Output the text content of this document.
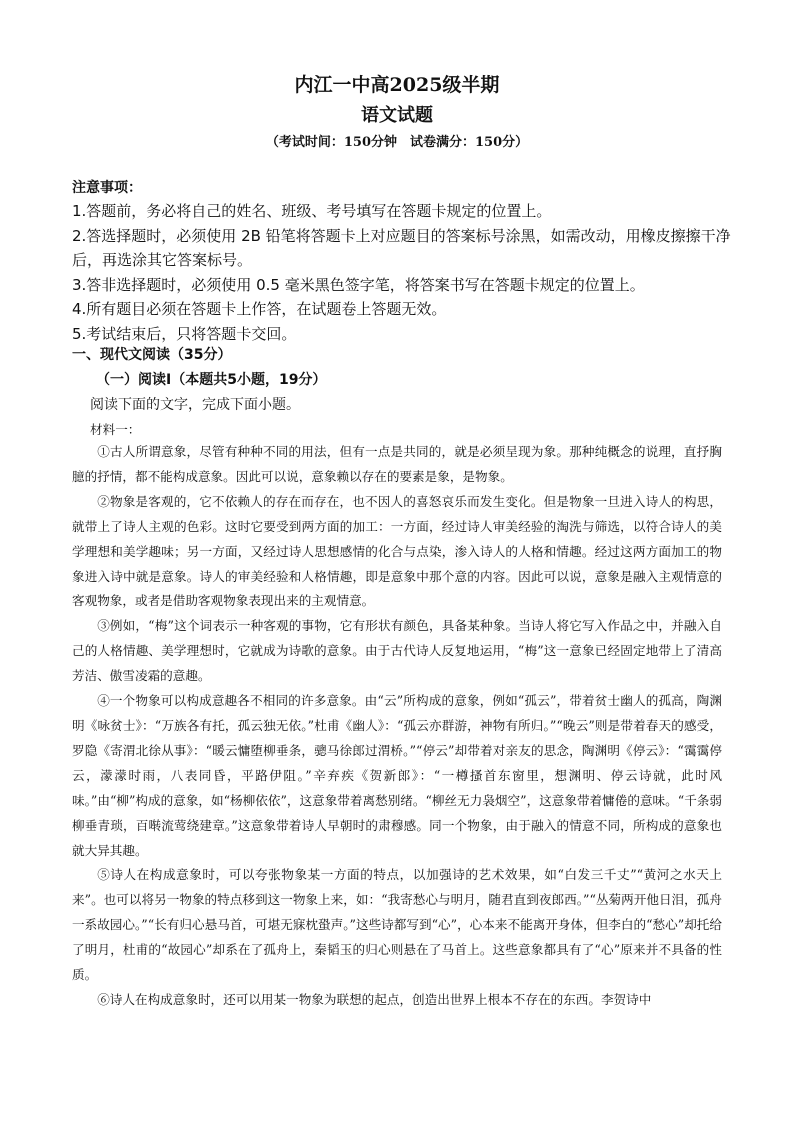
内江一中高2025级半期
语文试题
（考试时间：150分钟　试卷满分：150分）
注意事项：
1.答题前，务必将自己的姓名、班级、考号填写在答题卡规定的位置上。
2.答选择题时，必须使用 2B 铅笔将答题卡上对应题目的答案标号涂黑，如需改动，用橡皮擦擦干净后，再选涂其它答案标号。
3.答非选择题时，必须使用 0.5 毫米黑色签字笔，将答案书写在答题卡规定的位置上。
4.所有题目必须在答题卡上作答，在试题卷上答题无效。
5.考试结束后，只将答题卡交回。
一、现代文阅读（35分）
（一）阅读Ⅰ（本题共5小题，19分）
阅读下面的文字，完成下面小题。
材料一：

①古人所谓意象，尽管有种种不同的用法，但有一点是共同的，就是必须呈现为象。那种纯概念的说理，直抒胸臆的抒情，都不能构成意象。因此可以说，意象赖以存在的要素是象，是物象。

②物象是客观的，它不依赖人的存在而存在，也不因人的喜怒哀乐而发生变化。但是物象一旦进入诗人的构思，就带上了诗人主观的色彩。这时它要受到两方面的加工：一方面，经过诗人审美经验的淘洗与筛选，以符合诗人的美学理想和美学趣味；另一方面，又经过诗人思想感情的化合与点染，渗入诗人的人格和情趣。经过这两方面加工的物象进入诗中就是意象。诗人的审美经验和人格情趣，即是意象中那个意的内容。因此可以说，意象是融入主观情意的客观物象，或者是借助客观物象表现出来的主观情意。

③例如，“梅”这个词表示一种客观的事物，它有形状有颜色，具备某种象。当诗人将它写入作品之中，并融入自己的人格情趣、美学理想时，它就成为诗歌的意象。由于古代诗人反复地运用，“梅”这一意象已经固定地带上了清高芳洁、傲雪凌霜的意趣。

④一个物象可以构成意趣各不相同的许多意象。由“云”所构成的意象，例如“孤云”，带着贫士幽人的孤高，陶渊明《咏贫士》：“万族各有托，孤云独无依。”杜甫《幽人》：“孤云亦群游，神物有所归。”“晚云”则是带着春天的感受，罗隐《寄渭北徐从事》：“暖云慵堕柳垂条，骢马徐郎过渭桥。”“停云”却带着对亲友的思念，陶渊明《停云》：“霭霭停云，濛濛时雨，八表同昏，平路伊阻。”辛弃疾《贺新郎》：“一樽搔首东窗里，想渊明、停云诗就，此时风味。”由“柳”构成的意象，如“杨柳依依”，这意象带着离愁别绪。“柳丝无力袅烟空”，这意象带着慵倦的意味。“千条弱柳垂青琐，百啭流莺绕建章。”这意象带着诗人早朝时的肃穆感。同一个物象，由于融入的情意不同，所构成的意象也就大异其趣。

⑤诗人在构成意象时，可以夸张物象某一方面的特点，以加强诗的艺术效果，如“白发三千丈”“黄河之水天上来”。也可以将另一物象的特点移到这一物象上来，如：“我寄愁心与明月，随君直到夜郎西。”“丛菊两开他日泪，孤舟一系故园心。”“长有归心悬马首，可堪无寐枕蛩声。”这些诗都写到“心”，心本来不能离开身体，但李白的“愁心”却托给了明月，杜甫的“故园心”却系在了孤舟上，秦韬玉的归心则悬在了马首上。这些意象都具有了“心”原来并不具备的性质。

⑥诗人在构成意象时，还可以用某一物象为联想的起点，创造出世界上根本不存在的东西。李贺诗中
